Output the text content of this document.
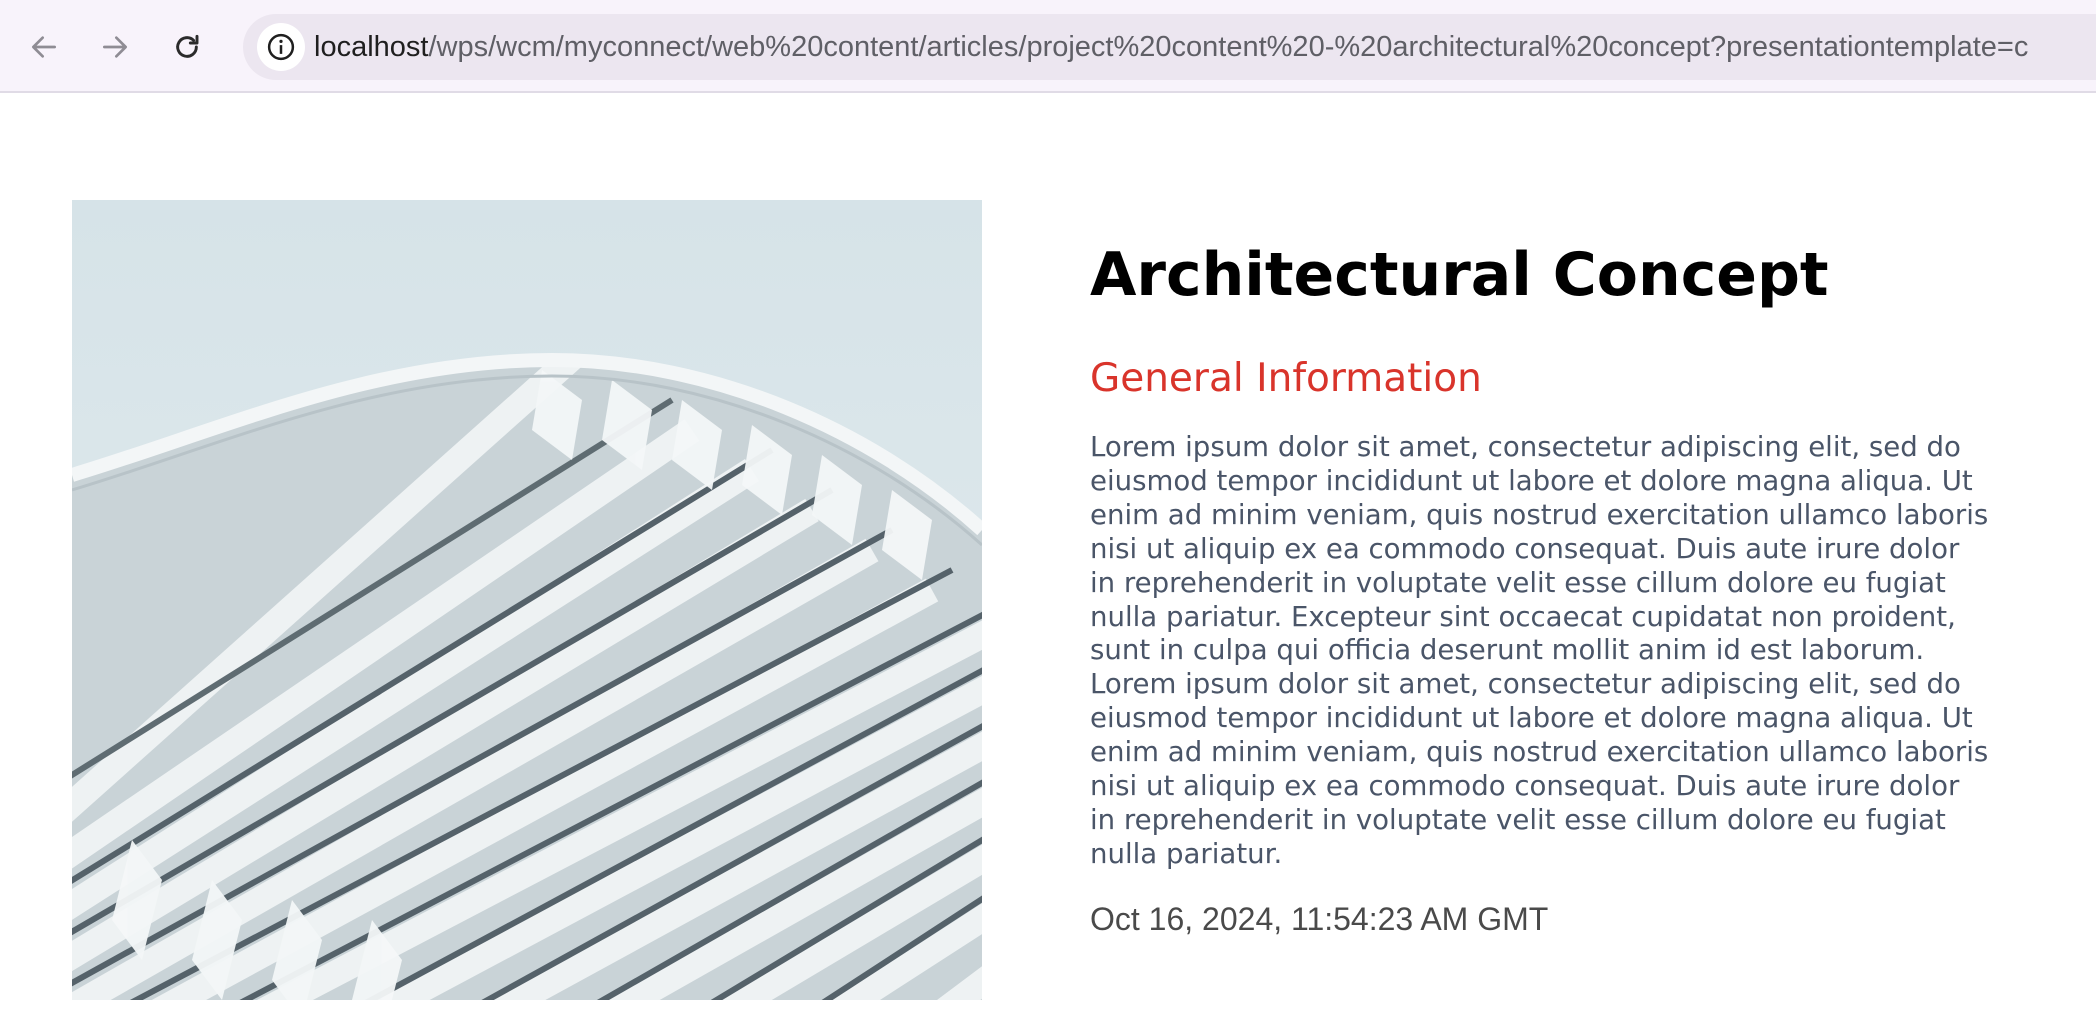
localhost/wps/wcm/myconnect/web%20content/articles/project%20content%20-%20architectural%20concept?presentationtemplate=c
Architectural Concept
General Information

Lorem ipsum dolor sit amet, consectetur adipiscing elit, sed do eiusmod tempor incididunt ut labore et dolore magna aliqua. Ut enim ad minim veniam, quis nostrud exercitation ullamco laboris nisi ut aliquip ex ea commodo consequat. Duis aute irure dolor in reprehenderit in voluptate velit esse cillum dolore eu fugiat nulla pariatur. Excepteur sint occaecat cupidatat non proident, sunt in culpa qui officia deserunt mollit anim id est laborum. Lorem ipsum dolor sit amet, consectetur adipiscing elit, sed do eiusmod tempor incididunt ut labore et dolore magna aliqua. Ut enim ad minim veniam, quis nostrud exercitation ullamco laboris nisi ut aliquip ex ea commodo consequat. Duis aute irure dolor in reprehenderit in voluptate velit esse cillum dolore eu fugiat nulla pariatur.

Oct 16, 2024, 11:54:23 AM GMT
